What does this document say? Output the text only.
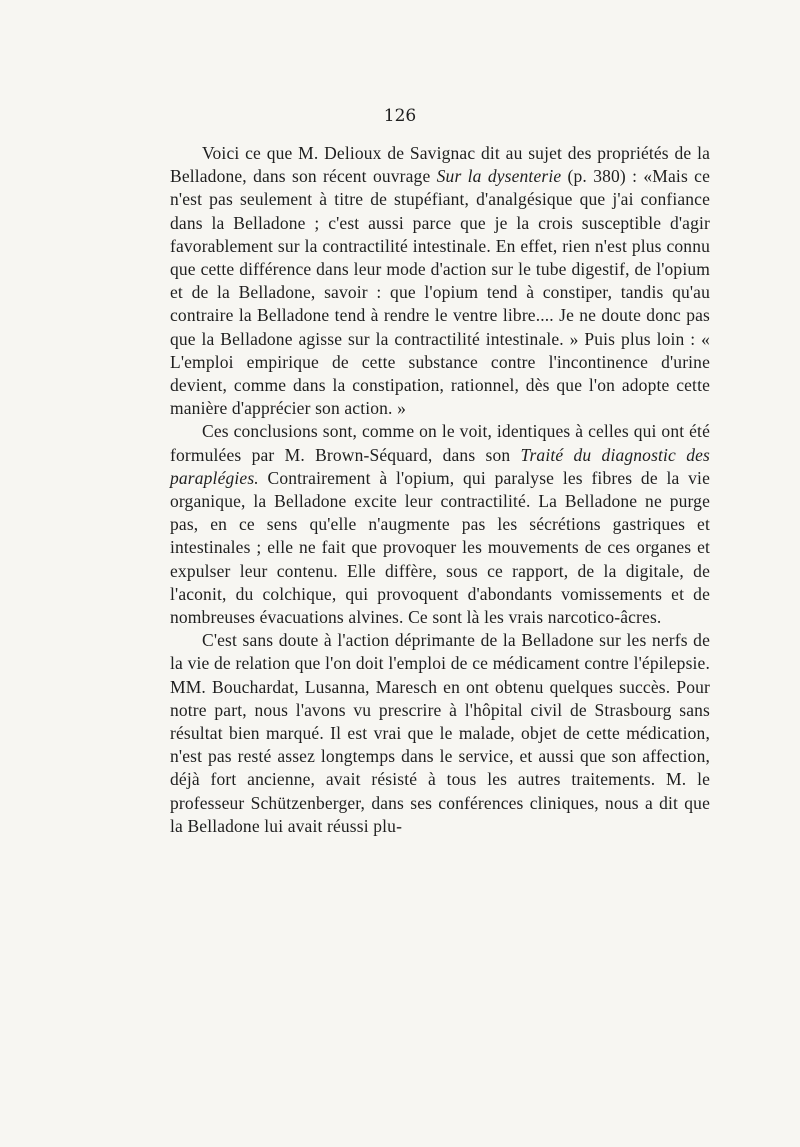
126

Voici ce que M. Delioux de Savignac dit au sujet des propriétés de la Belladone, dans son récent ouvrage Sur la dysenterie (p. 380) : «Mais ce n'est pas seulement à titre de stupéfiant, d'analgésique que j'ai confiance dans la Belladone ; c'est aussi parce que je la crois susceptible d'agir favorablement sur la contractilité intestinale. En effet, rien n'est plus connu que cette différence dans leur mode d'action sur le tube digestif, de l'opium et de la Belladone, savoir : que l'opium tend à constiper, tandis qu'au contraire la Belladone tend à rendre le ventre libre.... Je ne doute donc pas que la Belladone agisse sur la contractilité intestinale. » Puis plus loin : « L'emploi empirique de cette substance contre l'incontinence d'urine devient, comme dans la constipation, rationnel, dès que l'on adopte cette manière d'apprécier son action. »

Ces conclusions sont, comme on le voit, identiques à celles qui ont été formulées par M. Brown-Séquard, dans son Traité du diagnostic des paraplégies. Contrairement à l'opium, qui paralyse les fibres de la vie organique, la Belladone excite leur contractilité. La Belladone ne purge pas, en ce sens qu'elle n'augmente pas les sécrétions gastriques et intestinales ; elle ne fait que provoquer les mouvements de ces organes et expulser leur contenu. Elle diffère, sous ce rapport, de la digitale, de l'aconit, du colchique, qui provoquent d'abondants vomissements et de nombreuses évacuations alvines. Ce sont là les vrais narcotico-âcres.

C'est sans doute à l'action déprimante de la Belladone sur les nerfs de la vie de relation que l'on doit l'emploi de ce médicament contre l'épilepsie. MM. Bouchardat, Lusanna, Maresch en ont obtenu quelques succès. Pour notre part, nous l'avons vu prescrire à l'hôpital civil de Strasbourg sans résultat bien marqué. Il est vrai que le malade, objet de cette médication, n'est pas resté assez longtemps dans le service, et aussi que son affection, déjà fort ancienne, avait résisté à tous les autres traitements. M. le professeur Schützenberger, dans ses conférences cliniques, nous a dit que la Belladone lui avait réussi plu-
